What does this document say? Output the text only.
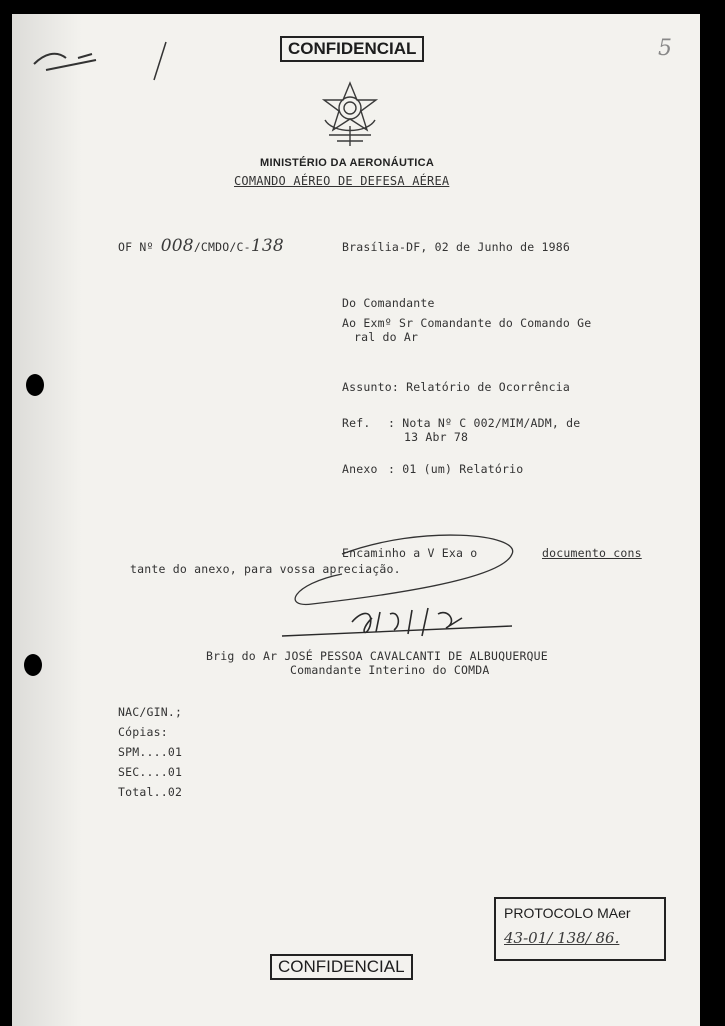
CONFIDENCIAL	5
MINISTÉRIO DA AERONÁUTICA
COMANDO AÉREO DE DEFESA AÉREA
OF Nº 008/CMDO/C-138	Brasília-DF, 02 de Junho de 1986
Do Comandante
Ao Exmº Sr Comandante do Comando Ge
ral do Ar
Assunto: Relatório de Ocorrência
Ref. : Nota Nº C 002/MIM/ADM, de
13 Abr 78
Anexo : 01 (um) Relatório
Encaminho a V Exa o	documento cons
tante do anexo, para vossa apreciação.
Brig do Ar JOSÉ PESSOA CAVALCANTI DE ALBUQUERQUE
Comandante Interino do COMDA
NAC/GIN.;
Cópias:
SPM....01
SEC....01
Total..02
PROTOCOLO MAer
43-01/ 138/ 86.
CONFIDENCIAL
